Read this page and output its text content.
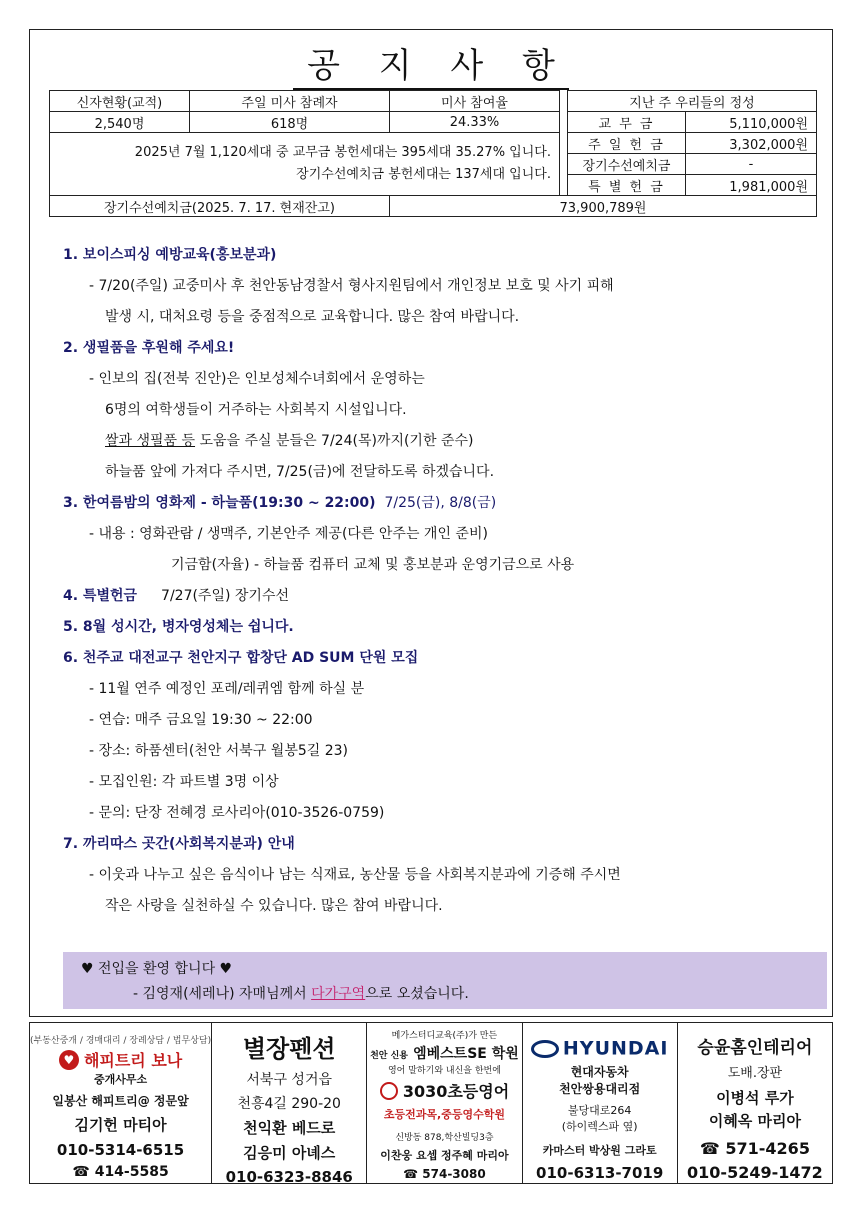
공 지 사 항
신자현황(교적)	주일 미사 참례자	미사 참여율		지난 주 우리들의 정성	
2,540명	618명	24.33%		교 무 금	5,110,000원

2025년 7월 1,120세대 중 교무금 봉헌세대는 395세대 35.27% 입니다.
장기수선예치금 봉헌세대는 137세대 입니다.				주 일 헌 금	3,302,000원
				장기수선예치금	-
				특 별 헌 금	1,981,000원
장기수선예치금(2025. 7. 17. 현재잔고)		73,900,789원			
1. 보이스피싱 예방교육(홍보분과)
- 7/20(주일) 교중미사 후 천안동남경찰서 형사지원팀에서 개인정보 보호 및 사기 피해
발생 시, 대처요령 등을 중점적으로 교육합니다. 많은 참여 바랍니다.
2. 생필품을 후원해 주세요!
- 인보의 집(전북 진안)은 인보성체수녀회에서 운영하는
6명의 여학생들이 거주하는 사회복지 시설입니다.
쌀과 생필품 등 도움을 주실 분들은 7/24(목)까지(기한 준수)
하늘품 앞에 가져다 주시면, 7/25(금)에 전달하도록 하겠습니다.
3. 한여름밤의 영화제 - 하늘품(19:30 ~ 22:00)  7/25(금), 8/8(금)
- 내용 : 영화관람 / 생맥주, 기본안주 제공(다른 안주는 개인 준비)
기금함(자율) - 하늘품 컴퓨터 교체 및 홍보분과 운영기금으로 사용
4. 특별헌금 7/27(주일) 장기수선
5. 8월 성시간, 병자영성체는 쉽니다.
6. 천주교 대전교구 천안지구 합창단 AD SUM 단원 모집
- 11월 연주 예정인 포레/레퀴엠 함께 하실 분
- 연습: 매주 금요일 19:30 ~ 22:00
- 장소: 하품센터(천안 서북구 월봉5길 23)
- 모집인원: 각 파트별 3명 이상
- 문의: 단장 전혜경 로사리아(010-3526-0759)
7. 까리따스 곳간(사회복지분과) 안내
- 이웃과 나누고 싶은 음식이나 남는 식재료, 농산물 등을 사회복지분과에 기증해 주시면
작은 사랑을 실천하실 수 있습니다. 많은 참여 바랍니다.
♥ 전입을 환영 합니다 ♥
- 김영재(세레나) 자매님께서 다가구역으로 오셨습니다.
(부동산중개 / 경매대리 / 장례상담 / 법무상담)
♥ 해피트리 보나
중개사무소
일봉산 해피트리@ 정문앞
김기헌 마티아
010-5314-6515
☎ 414-5585
별장펜션
서북구 성거읍
천흥4길 290-20
천익환 베드로
김응미 아녜스
010-6323-8846
메가스터디교육(주)가 만든
천안 신용 엠베스트SE 학원
영어 말하기와 내신을 한번에
3030초등영어
초등전과목,중등영수학원
신방동 878,학산빌딩3층
이찬웅 요셉 정주혜 마리아
☎ 574-3080
HYUNDAI
현대자동차
천안쌍용대리점
불당대로264
(하이렉스파 옆)
카마스터 박상원 그라토
010-6313-7019
승윤홈인테리어
도배.장판
이병석 루가
이혜옥 마리아
☎ 571-4265
010-5249-1472
